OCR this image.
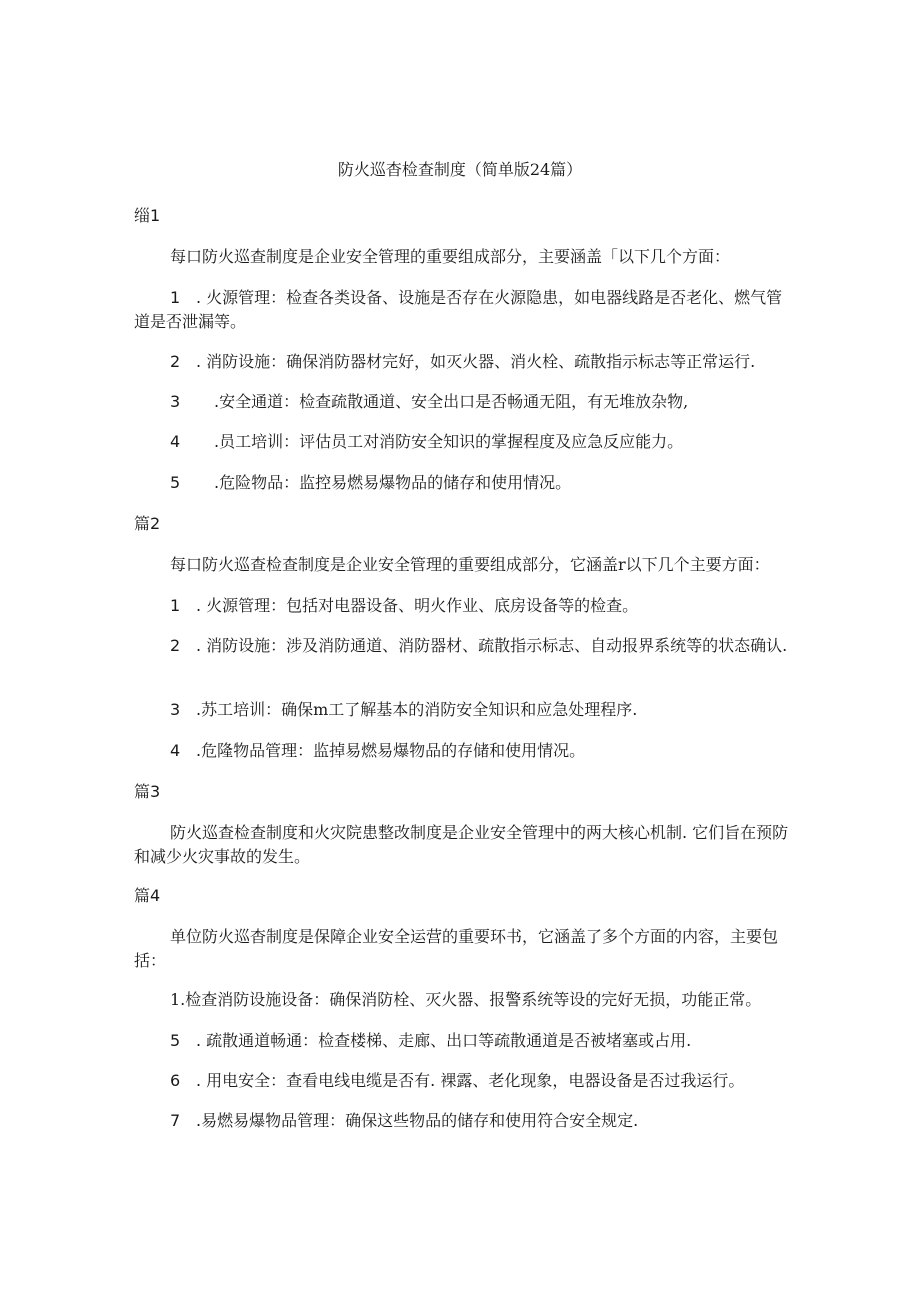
防火巡杳检查制度（简单版24篇）

缁1

每口防火巡查制度是企业安全管理的重要组成部分，主要涵盖「以下几个方面：

1 . 火源管理：检查各类设备、设施是否存在火源隐患，如电器线路是否老化、燃气管道是否泄漏等。

2 . 消防设施：确保消防器材完好，如灭火器、消火栓、疏散指示标志等正常运行.

3 .安全通道：检查疏散通道、安全出口是否畅通无阻，有无堆放杂物,

4 .员工培训：评估员工对消防安全知识的掌握程度及应急反应能力。

5 .危险物品：监控易燃易爆物品的储存和使用情况。

篇2

每口防火巡查检查制度是企业安全管理的重要组成部分，它涵盖r以下几个主要方面：

1 . 火源管理：包括对电器设备、明火作业、底房设备等的检查。

2 . 消防设施：涉及消防通道、消防器材、疏散指示标志、自动报界系统等的状态确认.

3 .苏工培训：确保m工了解基本的消防安全知识和应急处理程序.

4 .危隆物品管理：监掉易燃易爆物品的存储和使用情况。

篇3

防火巡查检查制度和火灾院患整改制度是企业安全管理中的两大核心机制. 它们旨在预防和减少火灾事故的发生。

篇4

单位防火巡杳制度是保障企业安全运营的重要环书，它涵盖了多个方面的内容，主要包括：

1.检查消防设施设备：确保消防栓、灭火器、报警系统等设的完好无损，功能正常。

5 . 疏散通道畅通：检查楼梯、走廊、出口等疏散通道是否被堵塞或占用.

6 . 用电安全：查看电线电缆是否有. 裸露、老化现象，电器设备是否过我运行。

7 .易燃易爆物品管理：确保这些物品的储存和使用符合安全规定.
